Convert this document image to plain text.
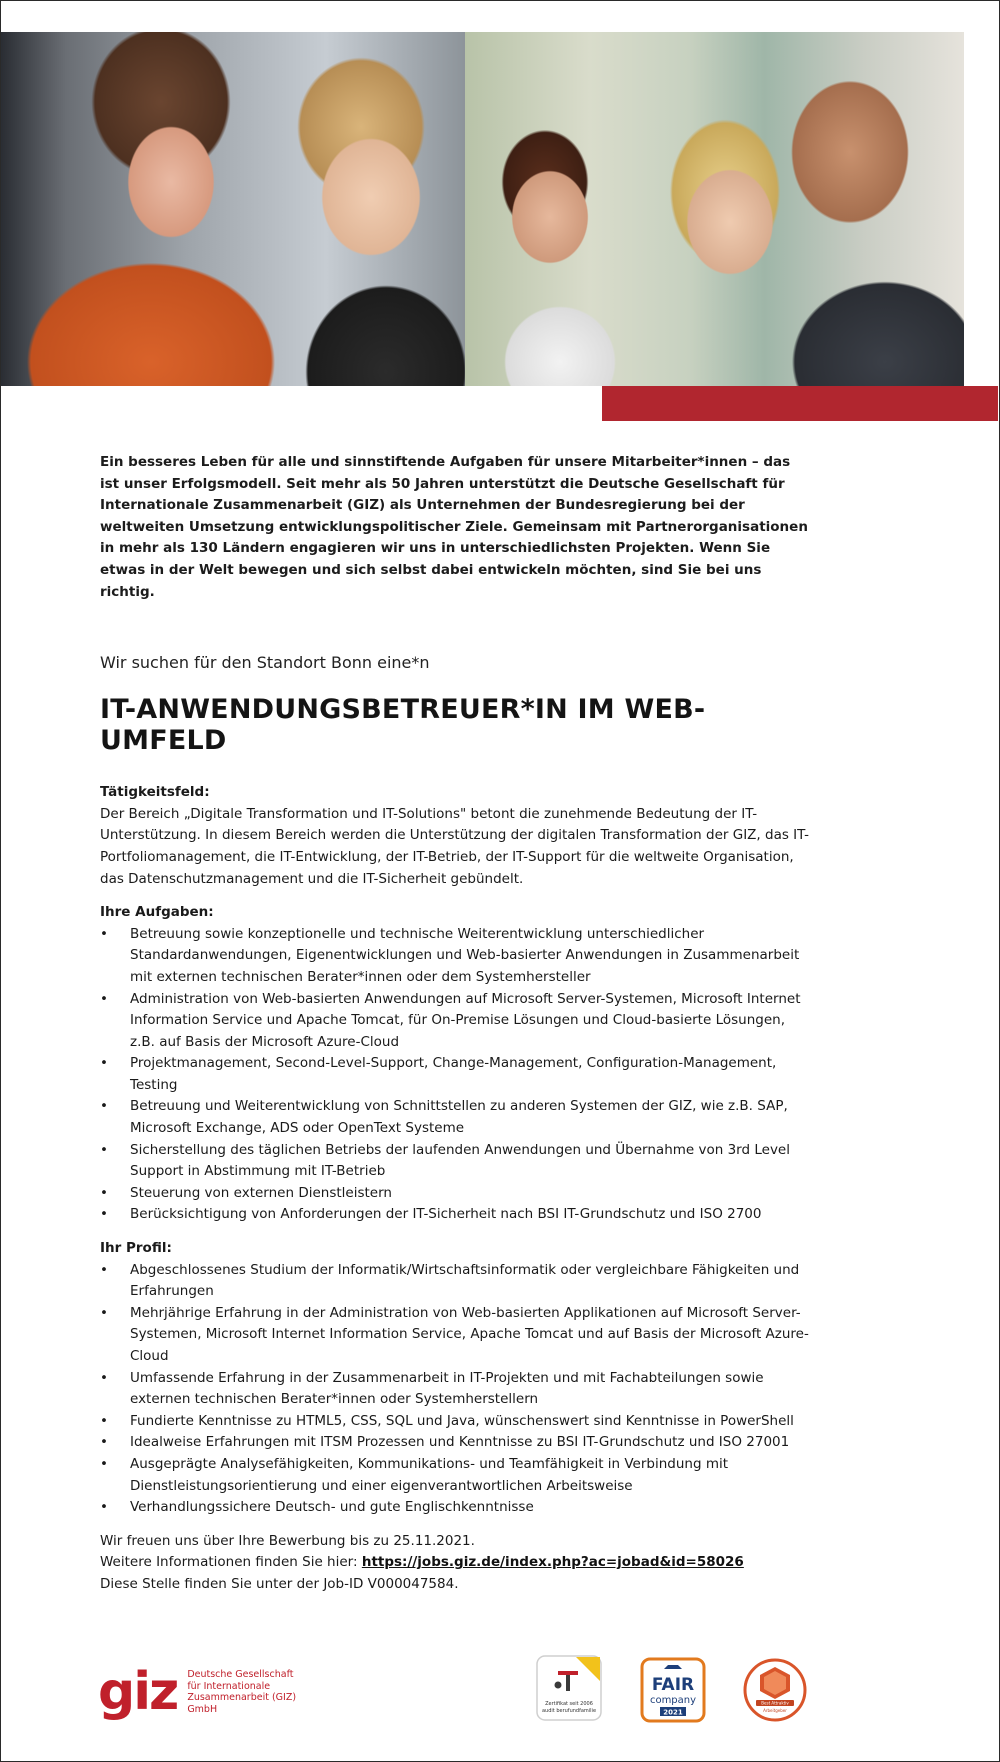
Ein besseres Leben für alle und sinnstiftende Aufgaben für unsere Mitarbeiter*innen – das ist unser Erfolgsmodell. Seit mehr als 50 Jahren unterstützt die Deutsche Gesellschaft für Internationale Zusammenarbeit (GIZ) als Unternehmen der Bundesregierung bei der weltweiten Umsetzung entwicklungspolitischer Ziele. Gemeinsam mit Partnerorganisationen in mehr als 130 Ländern engagieren wir uns in unterschiedlichsten Projekten. Wenn Sie etwas in der Welt bewegen und sich selbst dabei entwickeln möchten, sind Sie bei uns richtig.

Wir suchen für den Standort Bonn eine*n

IT-ANWENDUNGSBETREUER*IN IM WEB-UMFELD
Tätigkeitsfeld:

Der Bereich „Digitale Transformation und IT-Solutions" betont die zunehmende Bedeutung der IT-Unterstützung. In diesem Bereich werden die Unterstützung der digitalen Transformation der GIZ, das IT-Portfoliomanagement, die IT-Entwicklung, der IT-Betrieb, der IT-Support für die weltweite Organisation, das Datenschutzmanagement und die IT-Sicherheit gebündelt.

Ihre Aufgaben:
• Betreuung sowie konzeptionelle und technische Weiterentwicklung unterschiedlicher Standardanwendungen, Eigenentwicklungen und Web-basierter Anwendungen in Zusammenarbeit mit externen technischen Berater*innen oder dem Systemhersteller
• Administration von Web-basierten Anwendungen auf Microsoft Server-Systemen, Microsoft Internet Information Service und Apache Tomcat, für On-Premise Lösungen und Cloud-basierte Lösungen, z.B. auf Basis der Microsoft Azure-Cloud
• Projektmanagement, Second-Level-Support, Change-Management, Configuration-Management, Testing
• Betreuung und Weiterentwicklung von Schnittstellen zu anderen Systemen der GIZ, wie z.B. SAP, Microsoft Exchange, ADS oder OpenText Systeme
• Sicherstellung des täglichen Betriebs der laufenden Anwendungen und Übernahme von 3rd Level Support in Abstimmung mit IT-Betrieb
• Steuerung von externen Dienstleistern
• Berücksichtigung von Anforderungen der IT-Sicherheit nach BSI IT-Grundschutz und ISO 2700
Ihr Profil:
• Abgeschlossenes Studium der Informatik/Wirtschaftsinformatik oder vergleichbare Fähigkeiten und Erfahrungen
• Mehrjährige Erfahrung in der Administration von Web-basierten Applikationen auf Microsoft Server-Systemen, Microsoft Internet Information Service, Apache Tomcat und auf Basis der Microsoft Azure-Cloud
• Umfassende Erfahrung in der Zusammenarbeit in IT-Projekten und mit Fachabteilungen sowie externen technischen Berater*innen oder Systemherstellern
• Fundierte Kenntnisse zu HTML5, CSS, SQL und Java, wünschenswert sind Kenntnisse in PowerShell
• Idealweise Erfahrungen mit ITSM Prozessen und Kenntnisse zu BSI IT-Grundschutz und ISO 27001
• Ausgeprägte Analysefähigkeiten, Kommunikations- und Teamfähigkeit in Verbindung mit Dienstleistungsorientierung und einer eigenverantwortlichen Arbeitsweise
• Verhandlungssichere Deutsch- und gute Englischkenntnisse
Wir freuen uns über Ihre Bewerbung bis zu 25.11.2021.
Weitere Informationen finden Sie hier: https://jobs.giz.de/index.php?ac=jobad&id=58026
Diese Stelle finden Sie unter der Job-ID V000047584.
giz Deutsche Gesellschaft
für Internationale
Zusammenarbeit (GIZ) GmbH	Zertifikat seit 2006
audit berufundfamilie
FAIR
company
2021
Best Attraktiv
Arbeitgeber
